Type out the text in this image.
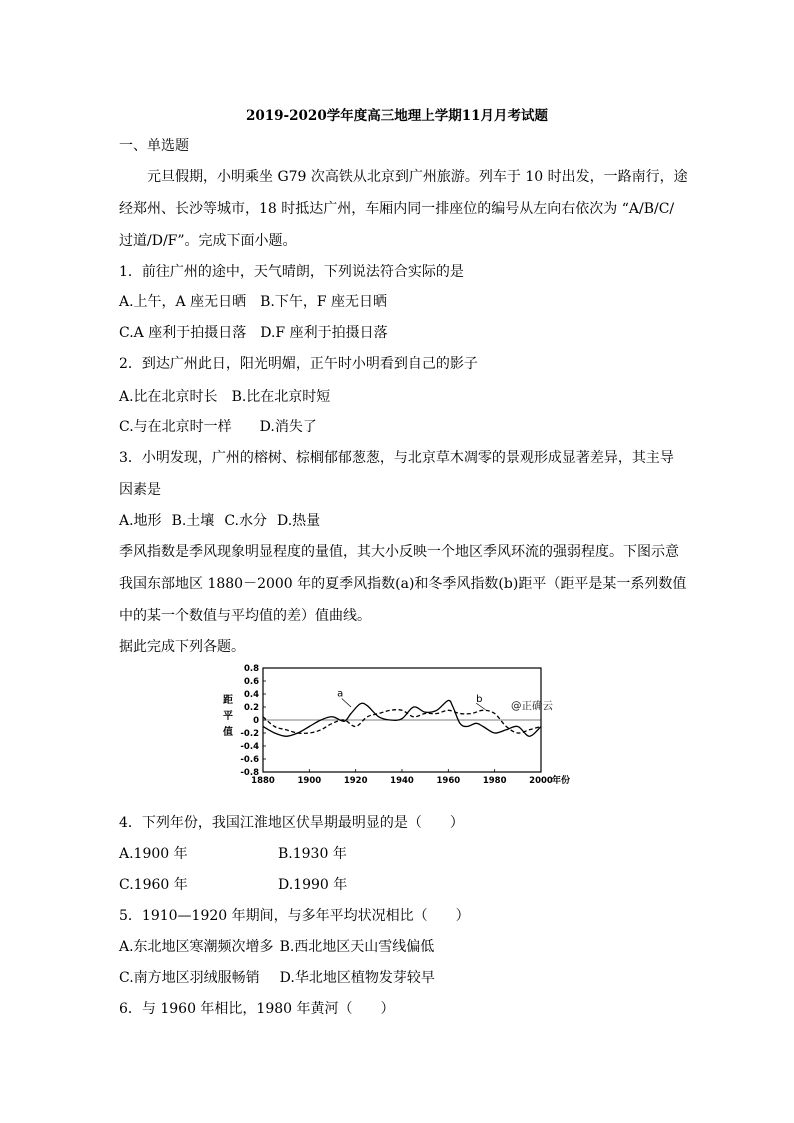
2019-2020学年度高三地理上学期11月月考试题
一、单选题
元旦假期，小明乘坐 G79 次高铁从北京到广州旅游。列车于 10 时出发，一路南行，途
经郑州、长沙等城市，18 时抵达广州，车厢内同一排座位的编号从左向右依次为 “A/B/C/
过道/D/F”。完成下面小题。
1．前往广州的途中，天气晴朗，下列说法符合实际的是
A.上午，A 座无日晒 B.下午，F 座无日晒
C.A 座利于拍摄日落 D.F 座利于拍摄日落
2．到达广州此日，阳光明媚，正午时小明看到自己的影子
A.比在北京时长 B.比在北京时短
C.与在北京时一样 D.消失了
3．小明发现，广州的榕树、棕榈郁郁葱葱，与北京草木凋零的景观形成显著差异，其主导
因素是
A.地形 B.土壤 C.水分 D.热量
季风指数是季风现象明显程度的量值，其大小反映一个地区季风环流的强弱程度。下图示意
我国东部地区 1880－2000 年的夏季风指数(a)和冬季风指数(b)距平（距平是某一系列数值
中的某一个数值与平均值的差）值曲线。
据此完成下列各题。
0.8
0.6
0.4
0.2
0
-0.2
-0.4
-0.6
-0.8
1880	1900	1920	1940	1960	1980	2000
距
平
值
年份
a	b
@正确云
4．下列年份，我国江淮地区伏旱期最明显的是（　　）
A.1900 年	B.1930 年
C.1960 年	D.1990 年
5．1910—1920 年期间，与多年平均状况相比（　　）
A.东北地区寒潮频次增多 B.西北地区天山雪线偏低
C.南方地区羽绒服畅销 D.华北地区植物发芽较早
6．与 1960 年相比，1980 年黄河（　　）
